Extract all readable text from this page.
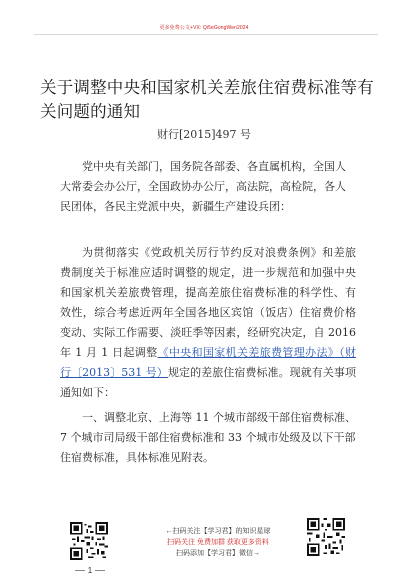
更多免费公文+VX: Qi5eGongWen2024
关于调整中央和国家机关差旅住宿费标准等有关问题的通知
财行[2015]497 号

党中央有关部门，国务院各部委、各直属机构，全国人大常委会办公厅，全国政协办公厅，高法院，高检院，各人民团体，各民主党派中央，新疆生产建设兵团：

为贯彻落实《党政机关厉行节约反对浪费条例》和差旅费制度关于标准应适时调整的规定，进一步规范和加强中央和国家机关差旅费管理，提高差旅住宿费标准的科学性、有效性，综合考虑近两年全国各地区宾馆（饭店）住宿费价格变动、实际工作需要、淡旺季等因素，经研究决定，自 2016 年 1 月 1 日起调整《中央和国家机关差旅费管理办法》（财行〔2013〕531 号）规定的差旅住宿费标准。现就有关事项通知如下：

一、调整北京、上海等 11 个城市部级干部住宿费标准、7 个城市司局级干部住宿费标准和 33 个城市处级及以下干部住宿费标准，具体标准见附表。

←扫码关注【学习君】的知识星球
扫码关注 免费加群 获取更多资料
扫码添加【学习君】微信→
1
